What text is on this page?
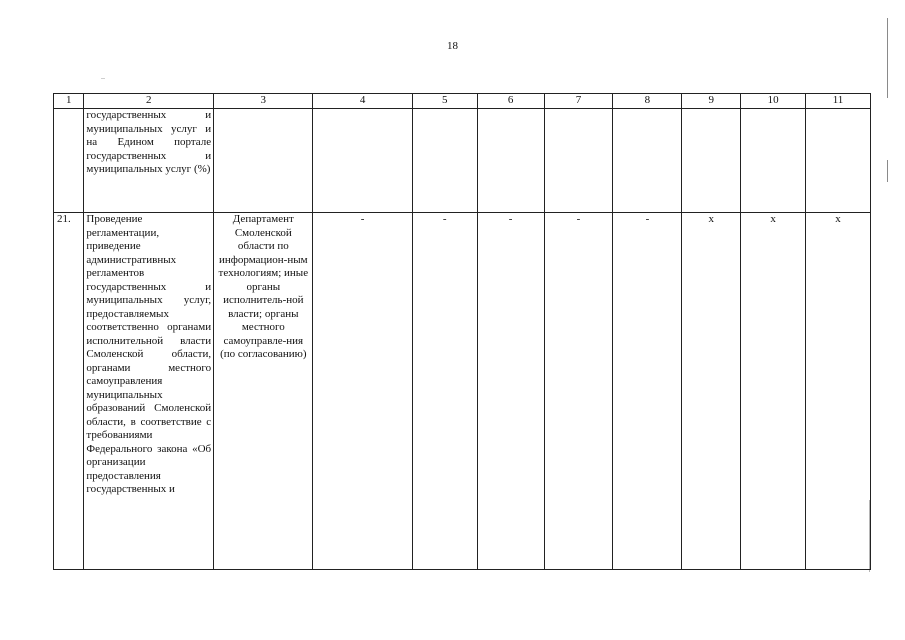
18
1	2	3	4	5	6	7	8	9	10	11
	государственных и муниципальных услуг и на Едином портале государственных и муниципальных услуг (%)									
21.	Проведение регламентации, приведение административных регламентов государственных и муниципальных услуг, предоставляемых соответственно органами исполнительной власти Смоленской области, органами местного самоуправления муниципальных образований Смоленской области, в соответствие с требованиями Федерального закона «Об организации предоставления государственных и	Департамент Смоленской области по информацион-ным технологиям; иные органы исполнитель-ной власти; органы местного самоуправле-ния (по согласованию)	-	-	-	-	-	х	х	х
